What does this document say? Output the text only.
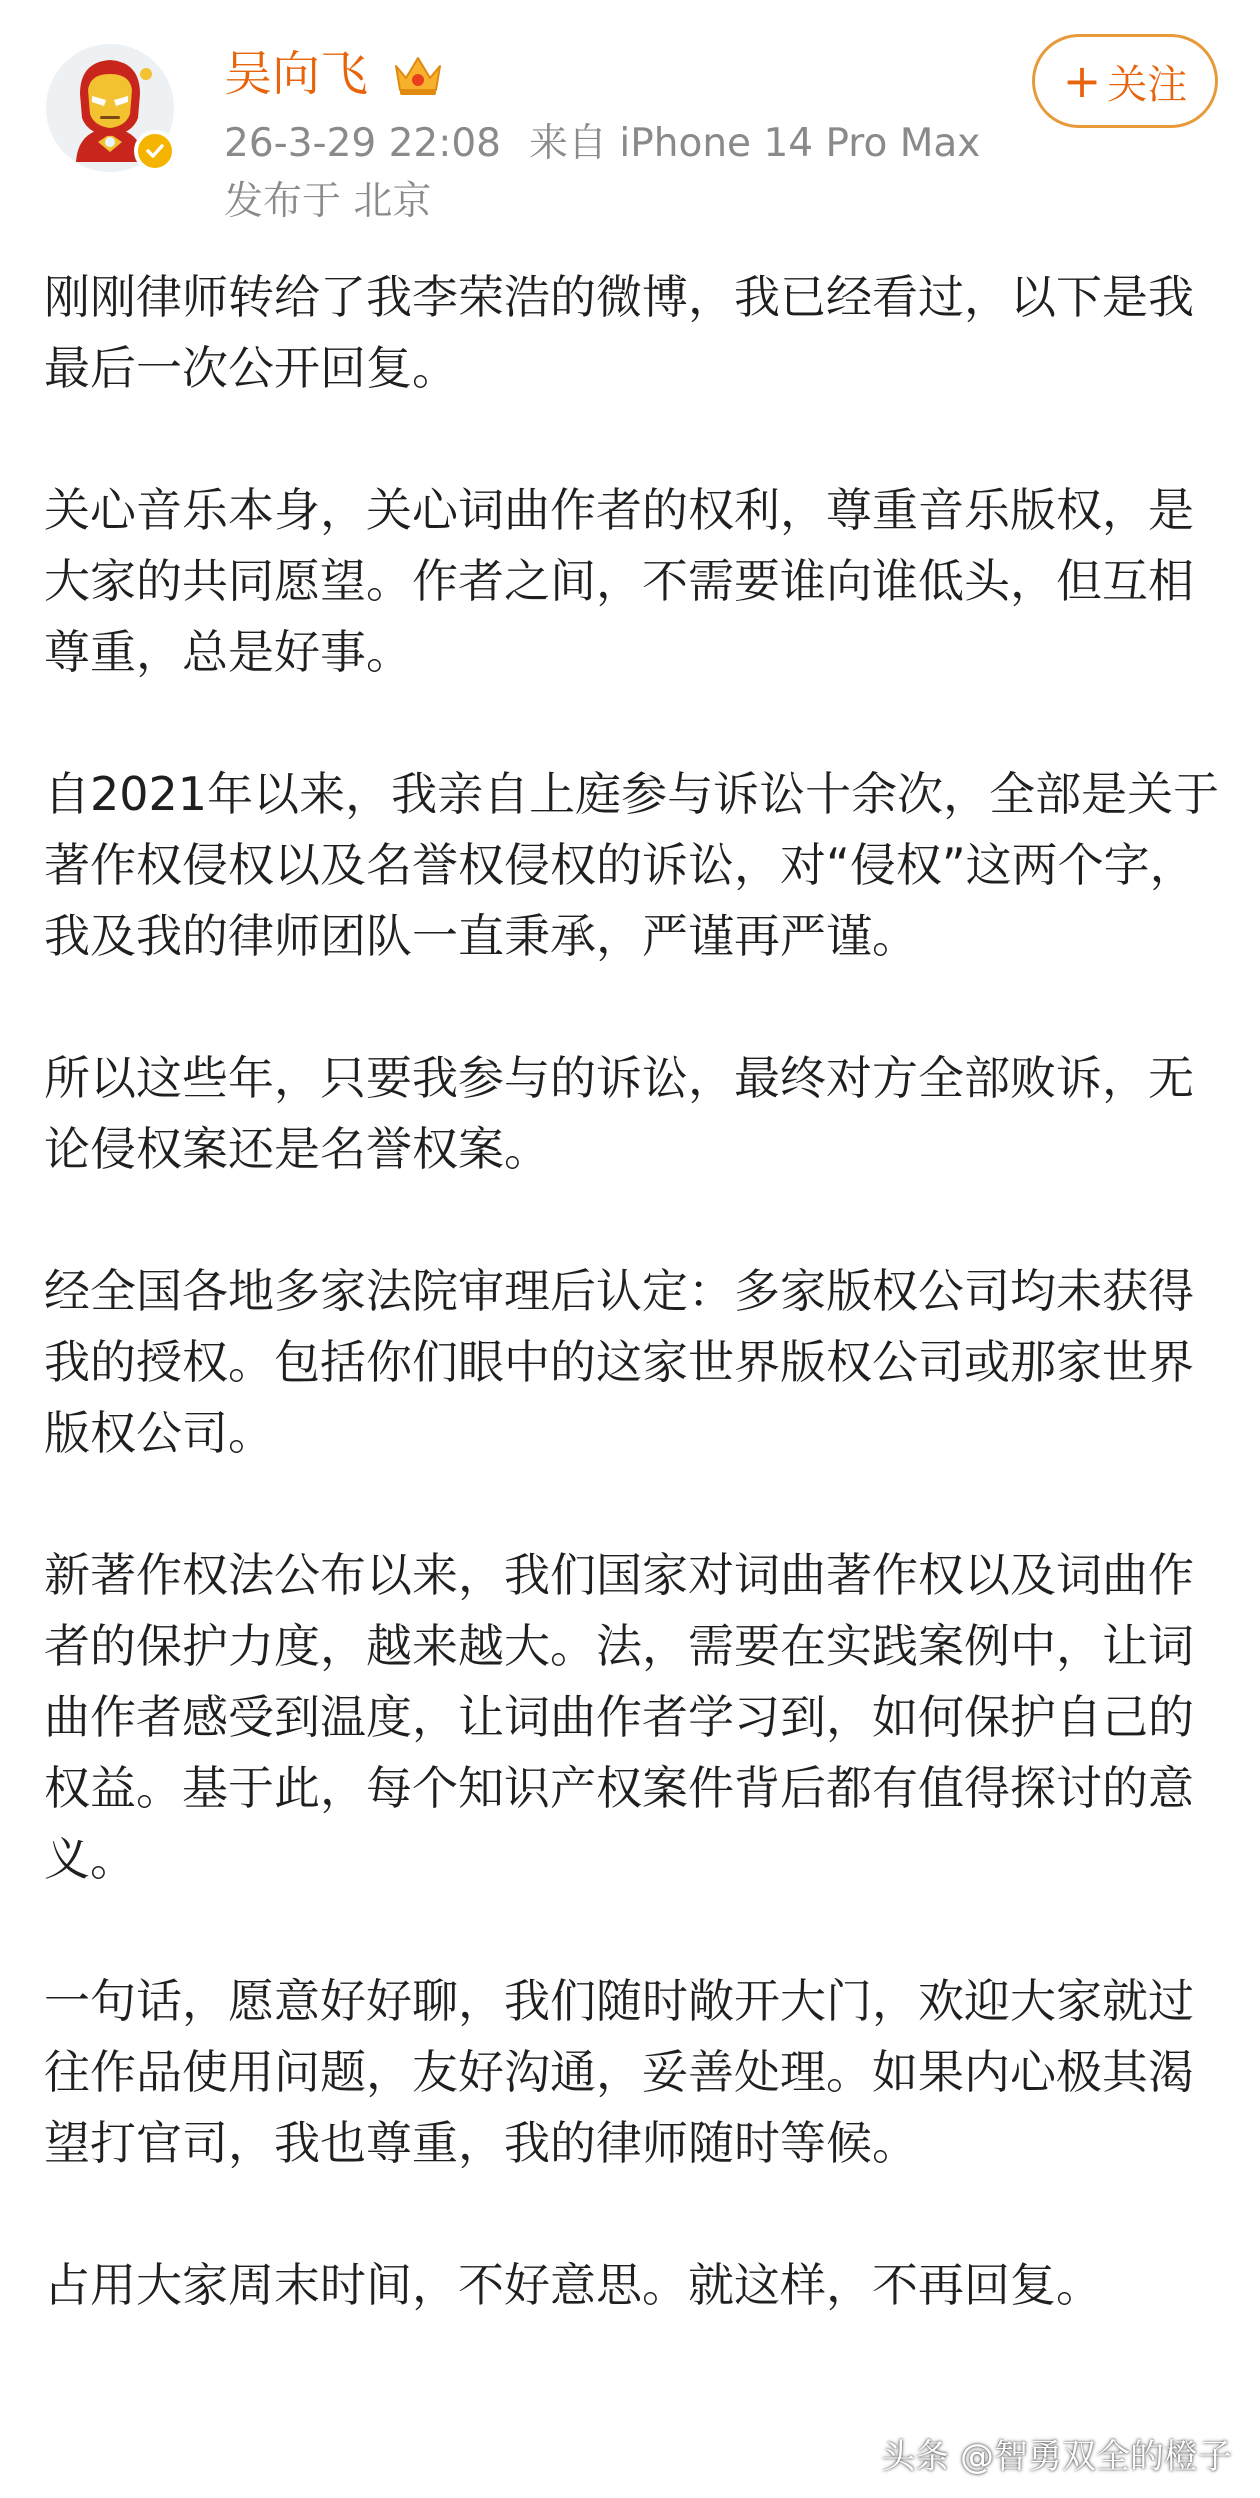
吴向飞
26-3-29 22:08 来自 iPhone 14 Pro Max
发布于 北京
+ 关注

刚刚律师转给了我李荣浩的微博，我已经看过，以下是我最后一次公开回复。

关心音乐本身，关心词曲作者的权利，尊重音乐版权，是大家的共同愿望。作者之间，不需要谁向谁低头，但互相尊重，总是好事。

自2021年以来，我亲自上庭参与诉讼十余次，全部是关于著作权侵权以及名誉权侵权的诉讼，对“侵权”这两个字，我及我的律师团队一直秉承，严谨再严谨。

所以这些年，只要我参与的诉讼，最终对方全部败诉，无论侵权案还是名誉权案。

经全国各地多家法院审理后认定：多家版权公司均未获得我的授权。包括你们眼中的这家世界版权公司或那家世界版权公司。

新著作权法公布以来，我们国家对词曲著作权以及词曲作者的保护力度，越来越大。法，需要在实践案例中，让词曲作者感受到温度，让词曲作者学习到，如何保护自己的权益。基于此，每个知识产权案件背后都有值得探讨的意义。

一句话，愿意好好聊，我们随时敞开大门，欢迎大家就过往作品使用问题，友好沟通，妥善处理。如果内心极其渴望打官司，我也尊重，我的律师随时等候。

占用大家周末时间，不好意思。就这样，不再回复。

头条 @智勇双全的橙子
